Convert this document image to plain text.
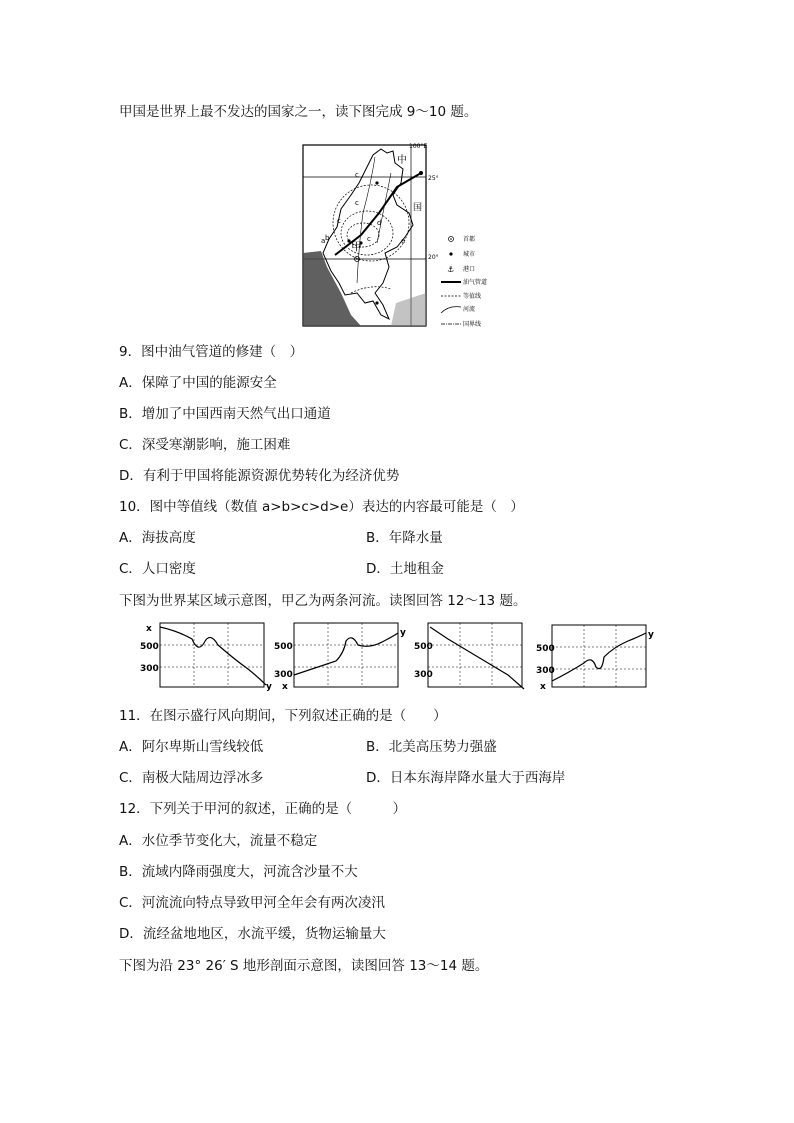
甲国是世界上最不发达的国家之一，读下图完成 9～10 题。
100°E
25°
20°
中
国
甲
a b
c
c
c	d
c	e	首都
城市
⚓ 港口
油气管道
等值线
河流
国界线
9．图中油气管道的修建（　）
A．保障了中国的能源安全
B．增加了中国西南天然气出口通道
C．深受寒潮影响，施工困难
D．有利于甲国将能源资源优势转化为经济优势
10．图中等值线（数值 a>b>c>d>e）表达的内容最可能是（　）
A．海拔高度	B．年降水量
C．人口密度	D．土地租金
下图为世界某区域示意图，甲乙为两条河流。读图回答 12～13 题。
x
500
300
y
500
300
x
y
500
300
500
300
x
y
11．在图示盛行风向期间，下列叙述正确的是（　　）
A．阿尔卑斯山雪线较低	B．北美高压势力强盛
C．南极大陆周边浮冰多	D．日本东海岸降水量大于西海岸
12．下列关于甲河的叙述，正确的是（　　　）
A．水位季节变化大，流量不稳定
B．流域内降雨强度大，河流含沙量不大
C．河流流向特点导致甲河全年会有两次凌汛
D．流经盆地地区，水流平缓，货物运输量大
下图为沿 23° 26′ S 地形剖面示意图，读图回答 13～14 题。
